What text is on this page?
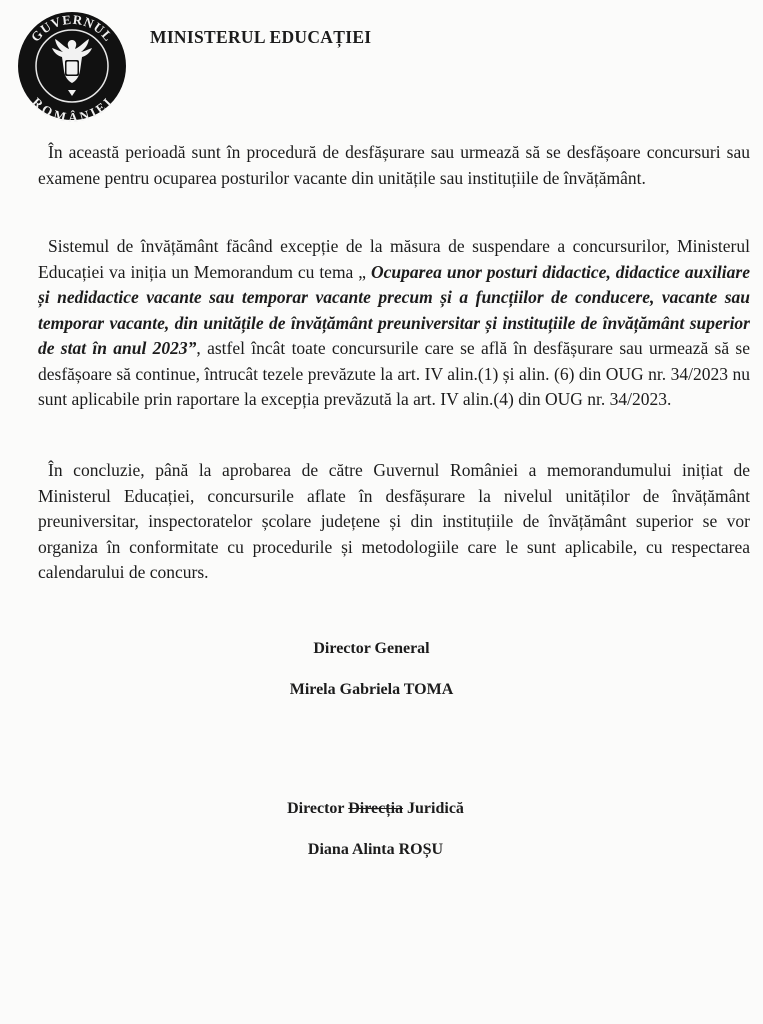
GUVERNUL
ROMÂNIEI
MINISTERUL EDUCAȚIEI

În această perioadă sunt în procedură de desfășurare sau urmează să se desfășoare concursuri sau examene pentru ocuparea posturilor vacante din unitățile sau instituțiile de învățământ.

Sistemul de învățământ făcând excepție de la măsura de suspendare a concursurilor, Ministerul Educației va iniția un Memorandum cu tema „ Ocuparea unor posturi didactice, didactice auxiliare și nedidactice vacante sau temporar vacante precum și a funcțiilor de conducere, vacante sau temporar vacante, din unitățile de învățământ preuniversitar și instituțiile de învățământ superior de stat în anul 2023”, astfel încât toate concursurile care se află în desfășurare sau urmează să se desfășoare să continue, întrucât tezele prevăzute la art. IV alin.(1) și alin. (6) din OUG nr. 34/2023 nu sunt aplicabile prin raportare la excepția prevăzută la art. IV alin.(4) din OUG nr. 34/2023.

În concluzie, până la aprobarea de către Guvernul României a memorandumului inițiat de Ministerul Educației, concursurile aflate în desfășurare la nivelul unităților de învățământ preuniversitar, inspectoratelor școlare județene și din instituțiile de învățământ superior se vor organiza în conformitate cu procedurile și metodologiile care le sunt aplicabile, cu respectarea calendarului de concurs.

Director General
Mirela Gabriela TOMA
Director Direcția Juridică
Diana Alinta ROȘU
